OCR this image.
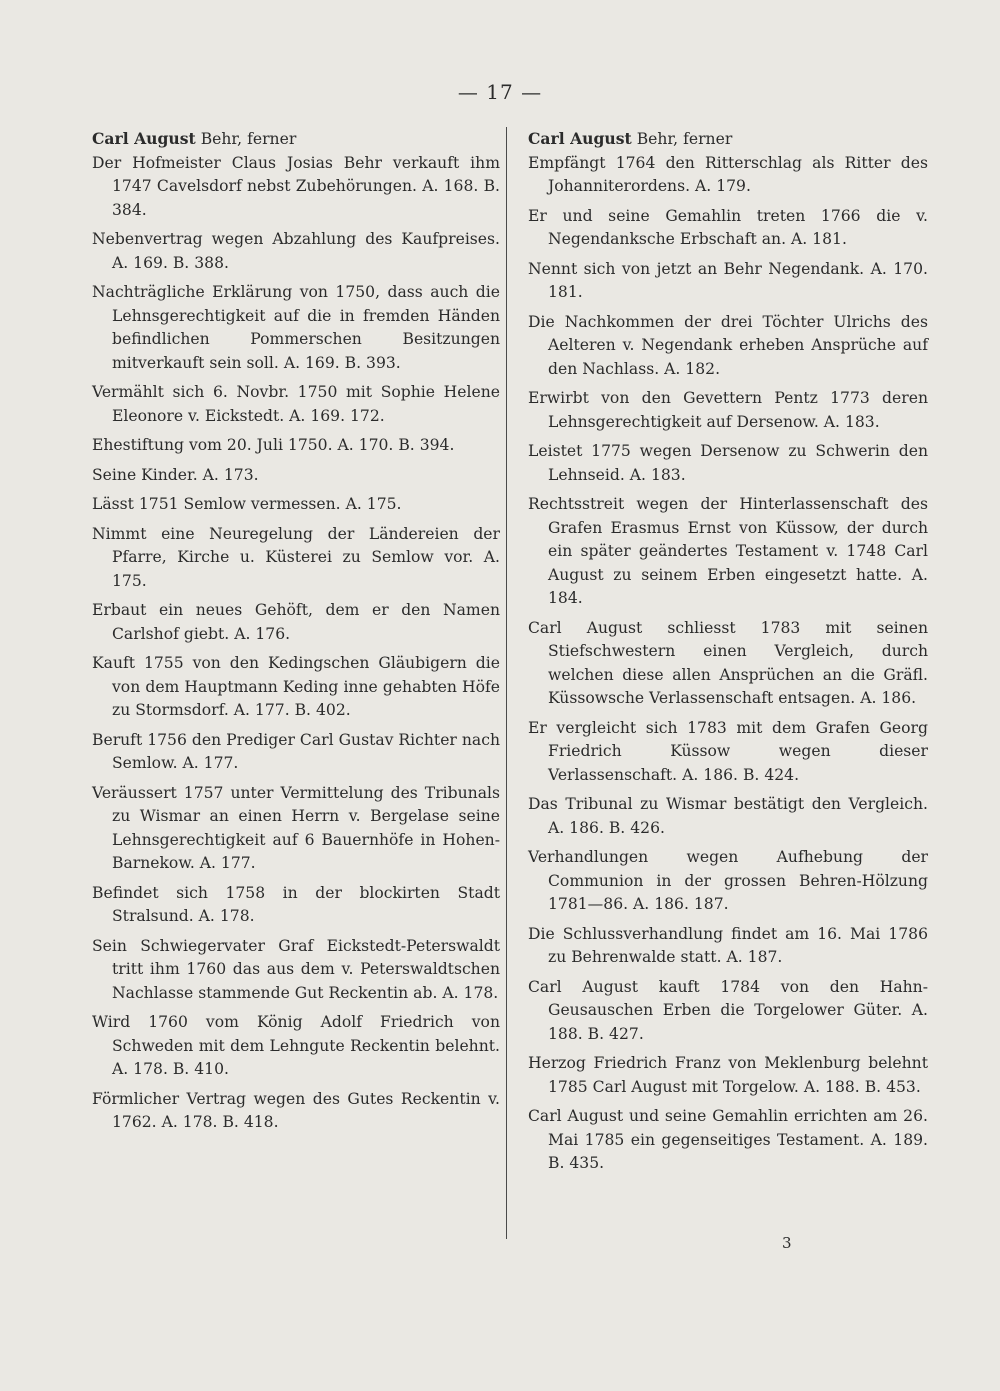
— 17 —

Carl August Behr, ferner

Der Hofmeister Claus Josias Behr verkauft ihm 1747 Cavelsdorf nebst Zubehörungen. A. 168. B. 384.

Nebenvertrag wegen Abzahlung des Kaufpreises. A. 169. B. 388.

Nachträgliche Erklärung von 1750, dass auch die Lehnsgerechtigkeit auf die in fremden Händen befindlichen Pommerschen Besitzungen mitverkauft sein soll. A. 169. B. 393.

Vermählt sich 6. Novbr. 1750 mit Sophie Helene Eleonore v. Eickstedt. A. 169. 172.

Ehestiftung vom 20. Juli 1750. A. 170. B. 394.

Seine Kinder. A. 173.

Lässt 1751 Semlow vermessen. A. 175.

Nimmt eine Neuregelung der Ländereien der Pfarre, Kirche u. Küsterei zu Semlow vor. A. 175.

Erbaut ein neues Gehöft, dem er den Namen Carlshof giebt. A. 176.

Kauft 1755 von den Kedingschen Gläubigern die von dem Hauptmann Keding inne gehabten Höfe zu Stormsdorf. A. 177. B. 402.

Beruft 1756 den Prediger Carl Gustav Richter nach Semlow. A. 177.

Veräussert 1757 unter Vermittelung des Tribunals zu Wismar an einen Herrn v. Bergelase seine Lehnsgerechtigkeit auf 6 Bauernhöfe in Hohen-Barnekow. A. 177.

Befindet sich 1758 in der blockirten Stadt Stralsund. A. 178.

Sein Schwiegervater Graf Eickstedt-Peterswaldt tritt ihm 1760 das aus dem v. Peterswaldtschen Nachlasse stammende Gut Reckentin ab. A. 178.

Wird 1760 vom König Adolf Friedrich von Schweden mit dem Lehngute Reckentin belehnt. A. 178. B. 410.

Förmlicher Vertrag wegen des Gutes Reckentin v. 1762. A. 178. B. 418.

Carl August Behr, ferner

Empfängt 1764 den Ritterschlag als Ritter des Johanniterordens. A. 179.

Er und seine Gemahlin treten 1766 die v. Negendanksche Erbschaft an. A. 181.

Nennt sich von jetzt an Behr Negendank. A. 170. 181.

Die Nachkommen der drei Töchter Ulrichs des Aelteren v. Negendank erheben Ansprüche auf den Nachlass. A. 182.

Erwirbt von den Gevettern Pentz 1773 deren Lehnsgerechtigkeit auf Dersenow. A. 183.

Leistet 1775 wegen Dersenow zu Schwerin den Lehnseid. A. 183.

Rechtsstreit wegen der Hinterlassenschaft des Grafen Erasmus Ernst von Küssow, der durch ein später geändertes Testament v. 1748 Carl August zu seinem Erben eingesetzt hatte. A. 184.

Carl August schliesst 1783 mit seinen Stiefschwestern einen Vergleich, durch welchen diese allen Ansprüchen an die Gräfl. Küssowsche Verlassenschaft entsagen. A. 186.

Er vergleicht sich 1783 mit dem Grafen Georg Friedrich Küssow wegen dieser Verlassenschaft. A. 186. B. 424.

Das Tribunal zu Wismar bestätigt den Vergleich. A. 186. B. 426.

Verhandlungen wegen Aufhebung der Communion in der grossen Behren-Hölzung 1781—86. A. 186. 187.

Die Schlussverhandlung findet am 16. Mai 1786 zu Behrenwalde statt. A. 187.

Carl August kauft 1784 von den Hahn-Geusauschen Erben die Torgelower Güter. A. 188. B. 427.

Herzog Friedrich Franz von Meklenburg belehnt 1785 Carl August mit Torgelow. A. 188. B. 453.

Carl August und seine Gemahlin errichten am 26. Mai 1785 ein gegenseitiges Testament. A. 189. B. 435.

3
